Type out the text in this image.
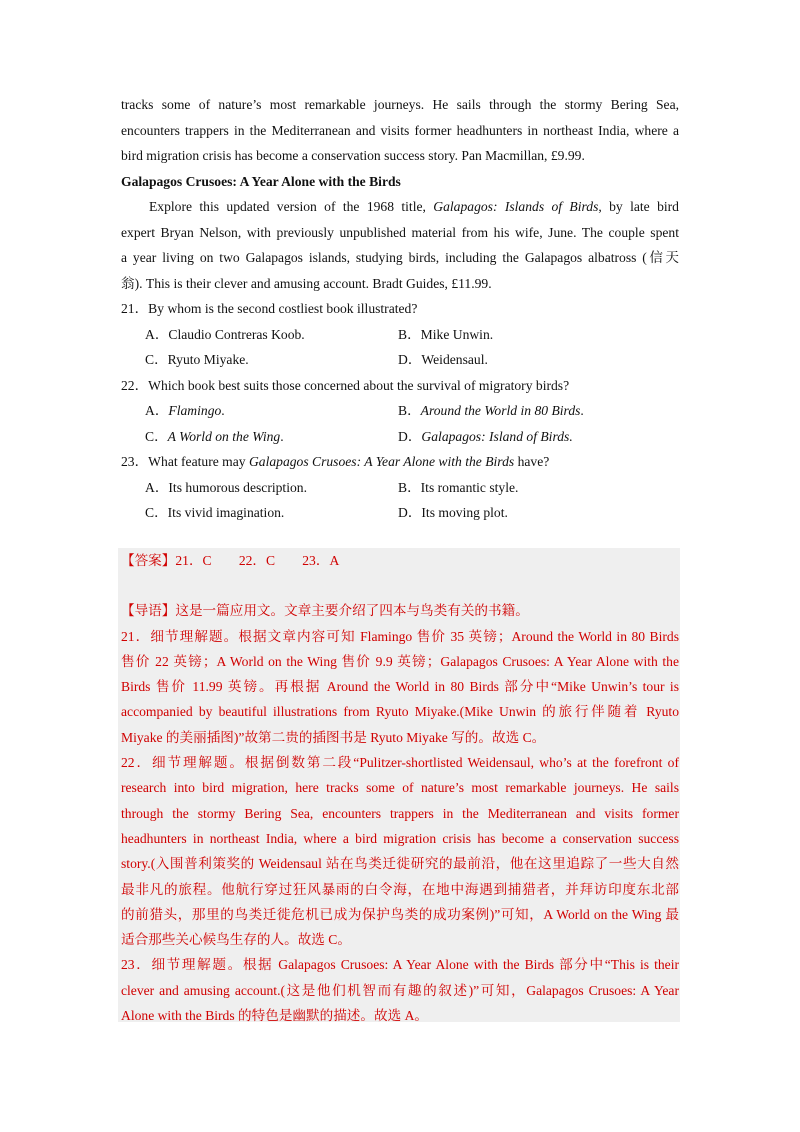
tracks some of nature’s most remarkable journeys. He sails through the stormy Bering Sea,
encounters trappers in the Mediterranean and visits former headhunters in northeast India, where a
bird migration crisis has become a conservation success story. Pan Macmillan, £9.99.
Galapagos Crusoes: A Year Alone with the Birds
Explore this updated version of the 1968 title, Galapagos: Islands of Birds, by late bird
expert Bryan Nelson, with previously unpublished material from his wife, June. The couple spent
a year living on two Galapagos islands, studying birds, including the Galapagos albatross (信天
翁). This is their clever and amusing account. Bradt Guides, £11.99.
21．By whom is the second costliest book illustrated?
A．Claudio Contreras Koob.	B．Mike Unwin.
C．Ryuto Miyake.	D．Weidensaul.
22．Which book best suits those concerned about the survival of migratory birds?
A．Flamingo.	B．Around the World in 80 Birds.
C．A World on the Wing.	D．Galapagos: Island of Birds.
23．What feature may Galapagos Crusoes: A Year Alone with the Birds have?
A．Its humorous description.	B．Its romantic style.
C．Its vivid imagination.	D．Its moving plot.
【答案】21．C　　22．C　　23．A
【导语】这是一篇应用文。文章主要介绍了四本与鸟类有关的书籍。
21．细节理解题。根据文章内容可知 Flamingo 售价 35 英镑；Around the World in 80 Birds
售价 22 英镑；A World on the Wing 售价 9.9 英镑；Galapagos Crusoes: A Year Alone with the
Birds 售价 11.99 英镑。再根据 Around the World in 80 Birds 部分中“Mike Unwin’s tour is
accompanied by beautiful illustrations from Ryuto Miyake.(Mike Unwin 的旅行伴随着 Ryuto
Miyake 的美丽插图)”故第二贵的插图书是 Ryuto Miyake 写的。故选 C。
22．细节理解题。根据倒数第二段“Pulitzer-shortlisted Weidensaul, who’s at the forefront of
research into bird migration, here tracks some of nature’s most remarkable journeys. He sails
through the stormy Bering Sea, encounters trappers in the Mediterranean and visits former
headhunters in northeast India, where a bird migration crisis has become a conservation success
story.(入围普利策奖的 Weidensaul 站在鸟类迁徙研究的最前沿，他在这里追踪了一些大自然
最非凡的旅程。他航行穿过狂风暴雨的白令海，在地中海遇到捕猎者，并拜访印度东北部
的前猎头，那里的鸟类迁徙危机已成为保护鸟类的成功案例)”可知，A World on the Wing 最
适合那些关心候鸟生存的人。故选 C。
23．细节理解题。根据 Galapagos Crusoes: A Year Alone with the Birds 部分中“This is their
clever and amusing account.(这是他们机智而有趣的叙述)”可知，Galapagos Crusoes: A Year
Alone with the Birds 的特色是幽默的描述。故选 A。
